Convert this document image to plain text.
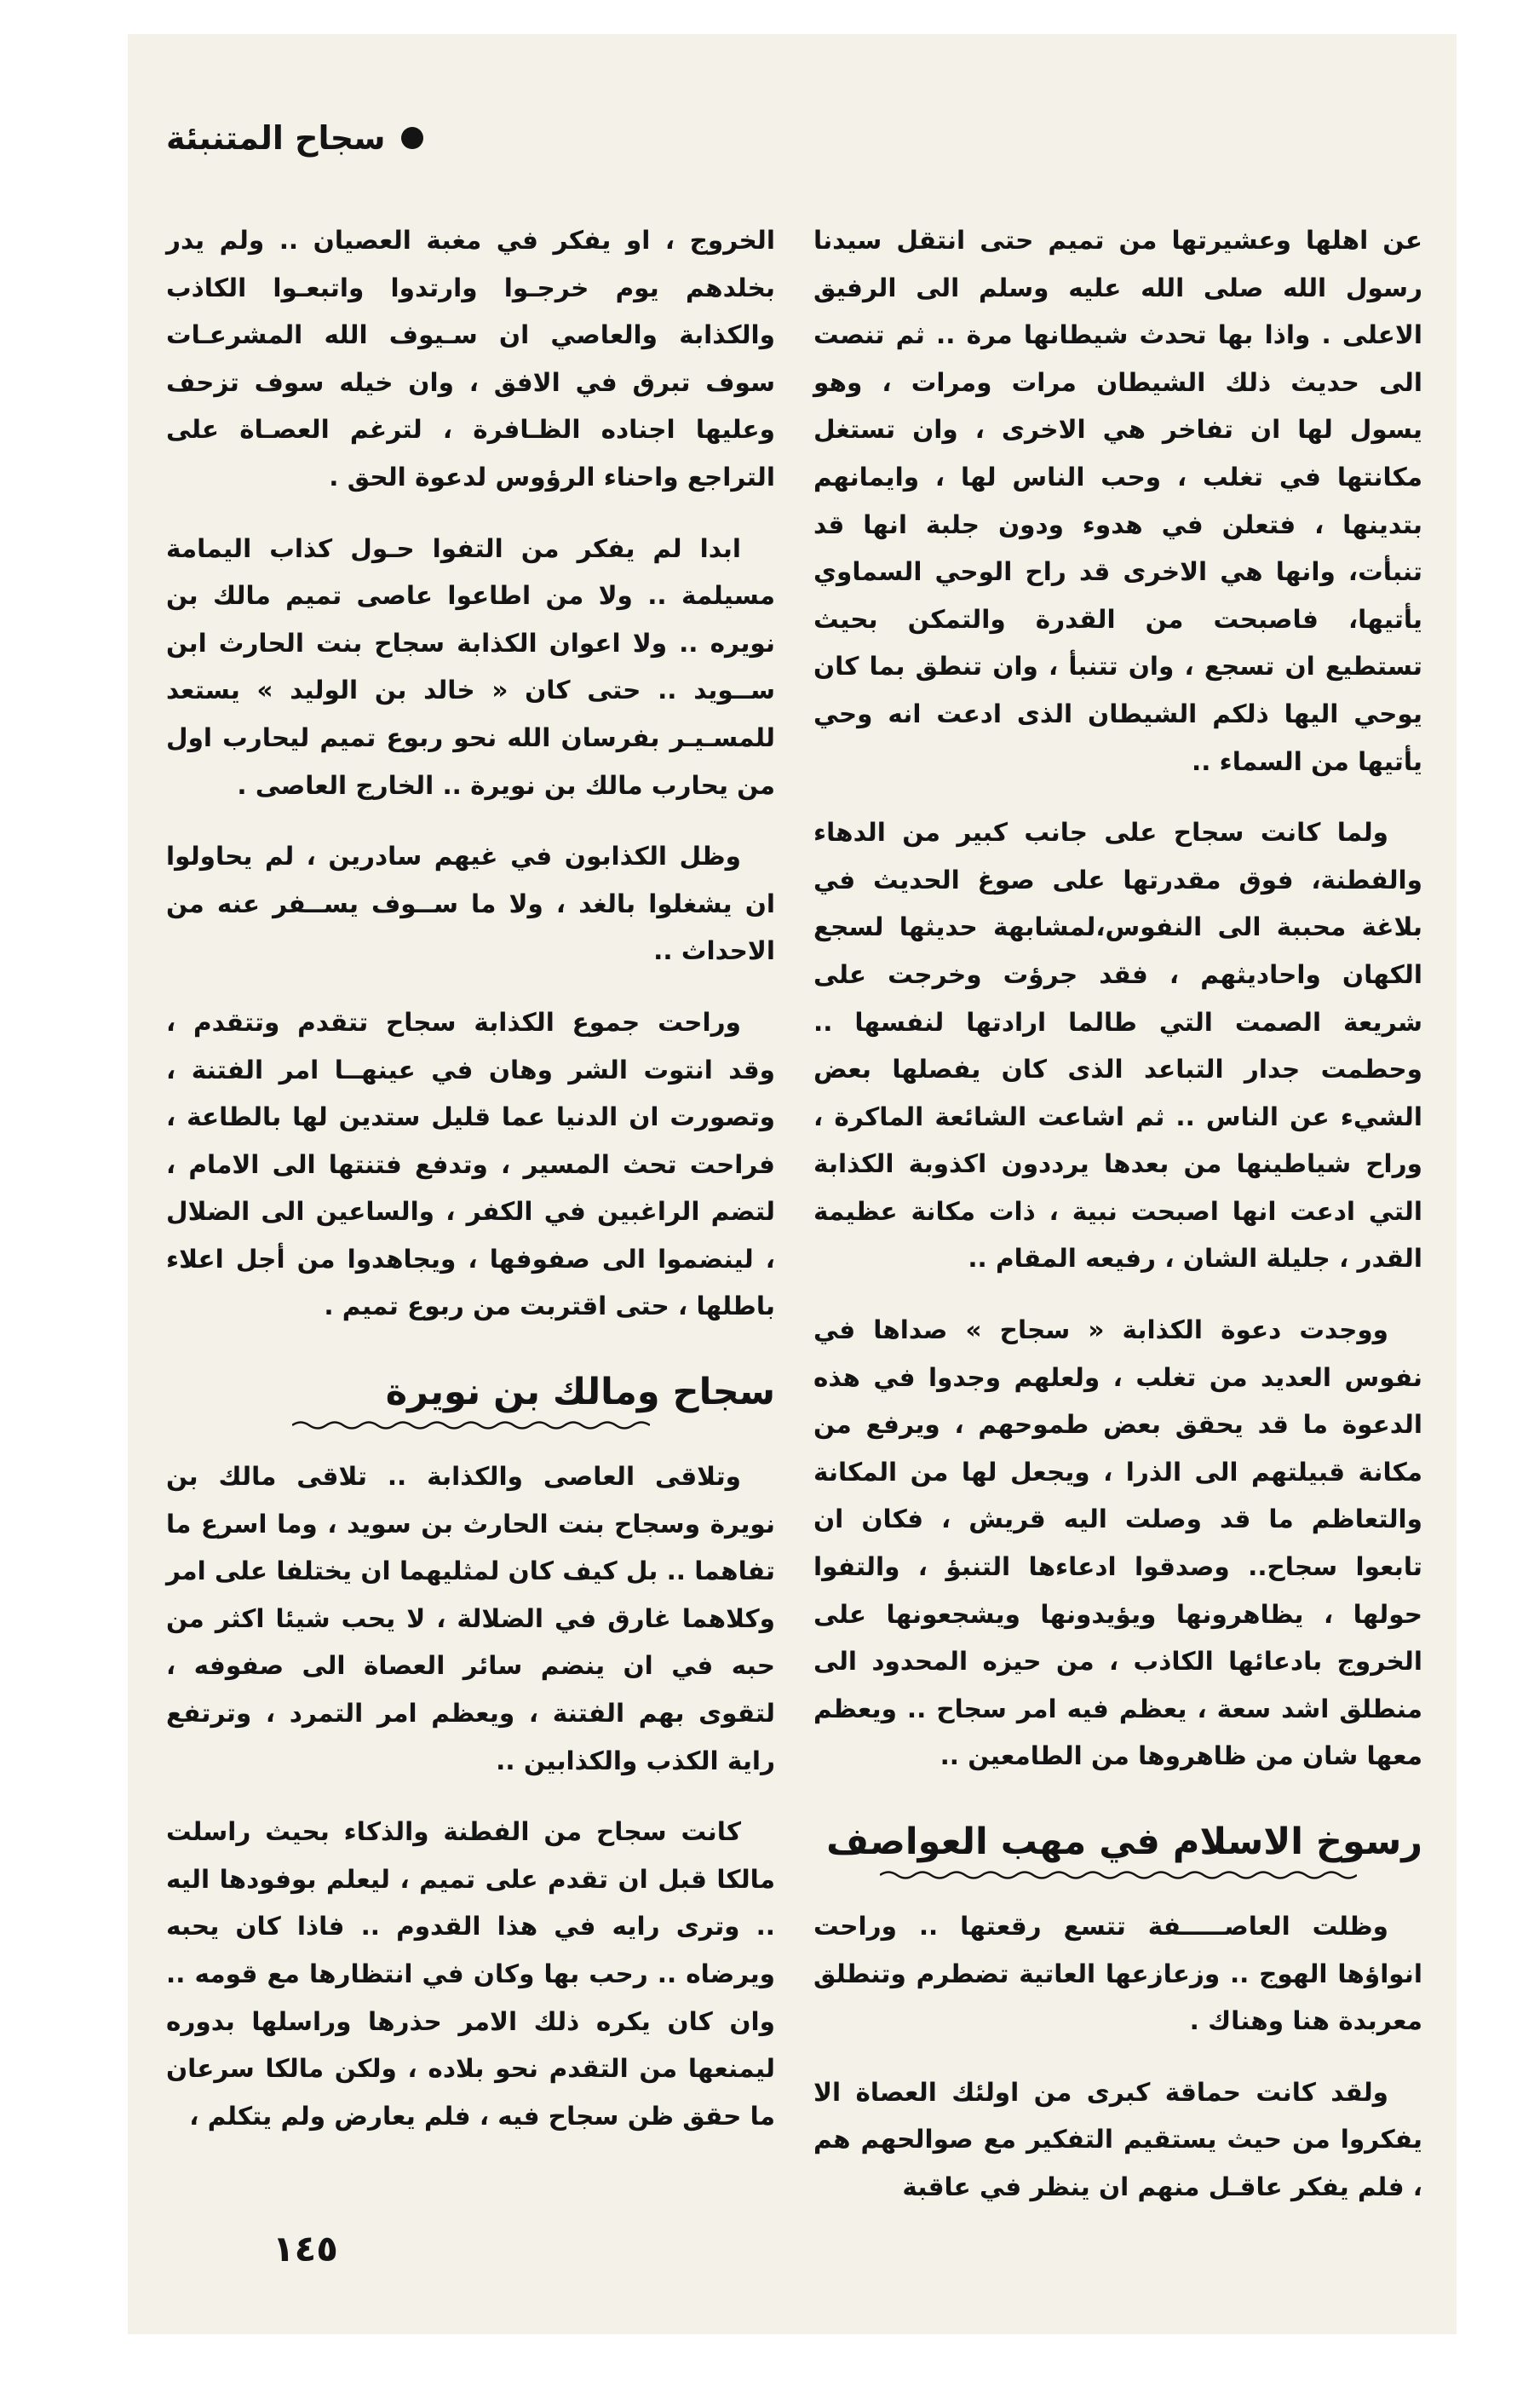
سجاح المتنبئة

عن اهلها وعشيرتها من تميم حتى انتقل سيدنا رسول الله صلى الله عليه وسلم الى الرفيق الاعلى . واذا بها تحدث شيطانها مرة .. ثم تنصت الى حديث ذلك الشيطان مرات ومرات ، وهو يسول لها ان تفاخر هي الاخرى ، وان تستغل مكانتها في تغلب ، وحب الناس لها ، وايمانهم بتدينها ، فتعلن في هدوء ودون جلبة انها قد تنبأت، وانها هي الاخرى قد راح الوحي السماوي يأتيها، فاصبحت من القدرة والتمكن بحيث تستطيع ان تسجع ، وان تتنبأ ، وان تنطق بما كان يوحي اليها ذلكم الشيطان الذى ادعت انه وحي يأتيها من السماء ..

ولما كانت سجاح على جانب كبير من الدهاء والفطنة، فوق مقدرتها على صوغ الحديث في بلاغة محببة الى النفوس،لمشابهة حديثها لسجع الكهان واحاديثهم ، فقد جرؤت وخرجت على شريعة الصمت التي طالما ارادتها لنفسها .. وحطمت جدار التباعد الذى كان يفصلها بعض الشيء عن الناس .. ثم اشاعت الشائعة الماكرة ، وراح شياطينها من بعدها يرددون اكذوبة الكذابة التي ادعت انها اصبحت نبية ، ذات مكانة عظيمة القدر ، جليلة الشان ، رفيعه المقام ..

ووجدت دعوة الكذابة « سجاح » صداها في نفوس العديد من تغلب ، ولعلهم وجدوا في هذه الدعوة ما قد يحقق بعض طموحهم ، ويرفع من مكانة قبيلتهم الى الذرا ، ويجعل لها من المكانة والتعاظم ما قد وصلت اليه قريش ، فكان ان تابعوا سجاح.. وصدقوا ادعاءها التنبؤ ، والتفوا حولها ، يظاهرونها ويؤيدونها ويشجعونها على الخروج بادعائها الكاذب ، من حيزه المحدود الى منطلق اشد سعة ، يعظم فيه امر سجاح .. ويعظم معها شان من ظاهروها من الطامعين ..

رسوخ الاسلام في مهب العواصف

وظلت العاصـــــفة تتسع رقعتها .. وراحت انواؤها الهوج .. وزعازعها العاتية تضطرم وتنطلق معربدة هنا وهناك .

ولقد كانت حماقة كبرى من اولئك العصاة الا يفكروا من حيث يستقيم التفكير مع صوالحهم هم ، فلم يفكر عاقـل منهم ان ينظر في عاقبة

الخروج ، او يفكر في مغبة العصيان .. ولم يدر بخلدهم يوم خرجـوا وارتدوا واتبعـوا الكاذب والكذابة والعاصي ان سـيوف الله المشرعـات سوف تبرق في الافق ، وان خيله سوف تزحف وعليها اجناده الظـافرة ، لترغم العصـاة على التراجع واحناء الرؤوس لدعوة الحق .

ابدا لم يفكر من التفوا حـول كذاب اليمامة مسيلمة .. ولا من اطاعوا عاصى تميم مالك بن نويره .. ولا اعوان الكذابة سجاح بنت الحارث ابن ســويد .. حتى كان « خالد بن الوليد » يستعد للمسـيـر بفرسان الله نحو ربوع تميم ليحارب اول من يحارب مالك بن نويرة .. الخارج العاصى .

وظل الكذابون في غيهم سادرين ، لم يحاولوا ان يشغلوا بالغد ، ولا ما ســوف يســفر عنه من الاحداث ..

وراحت جموع الكذابة سجاح تتقدم وتتقدم ، وقد انتوت الشر وهان في عينهــا امر الفتنة ، وتصورت ان الدنيا عما قليل ستدين لها بالطاعة ، فراحت تحث المسير ، وتدفع فتنتها الى الامام ، لتضم الراغبين في الكفر ، والساعين الى الضلال ، لينضموا الى صفوفها ، ويجاهدوا من أجل اعلاء باطلها ، حتى اقتربت من ربوع تميم .

سجاح ومالك بن نويرة

وتلاقى العاصى والكذابة .. تلاقى مالك بن نويرة وسجاح بنت الحارث بن سويد ، وما اسرع ما تفاهما .. بل كيف كان لمثليهما ان يختلفا على امر وكلاهما غارق في الضلالة ، لا يحب شيئا اكثر من حبه في ان ينضم سائر العصاة الى صفوفه ، لتقوى بهم الفتنة ، ويعظم امر التمرد ، وترتفع راية الكذب والكذابين ..

كانت سجاح من الفطنة والذكاء بحيث راسلت مالكا قبل ان تقدم على تميم ، ليعلم بوفودها اليه .. وترى رايه في هذا القدوم .. فاذا كان يحبه ويرضاه .. رحب بها وكان في انتظارها مع قومه .. وان كان يكره ذلك الامر حذرها وراسلها بدوره ليمنعها من التقدم نحو بلاده ، ولكن مالكا سرعان ما حقق ظن سجاح فيه ، فلم يعارض ولم يتكلم ،

١٤٥
